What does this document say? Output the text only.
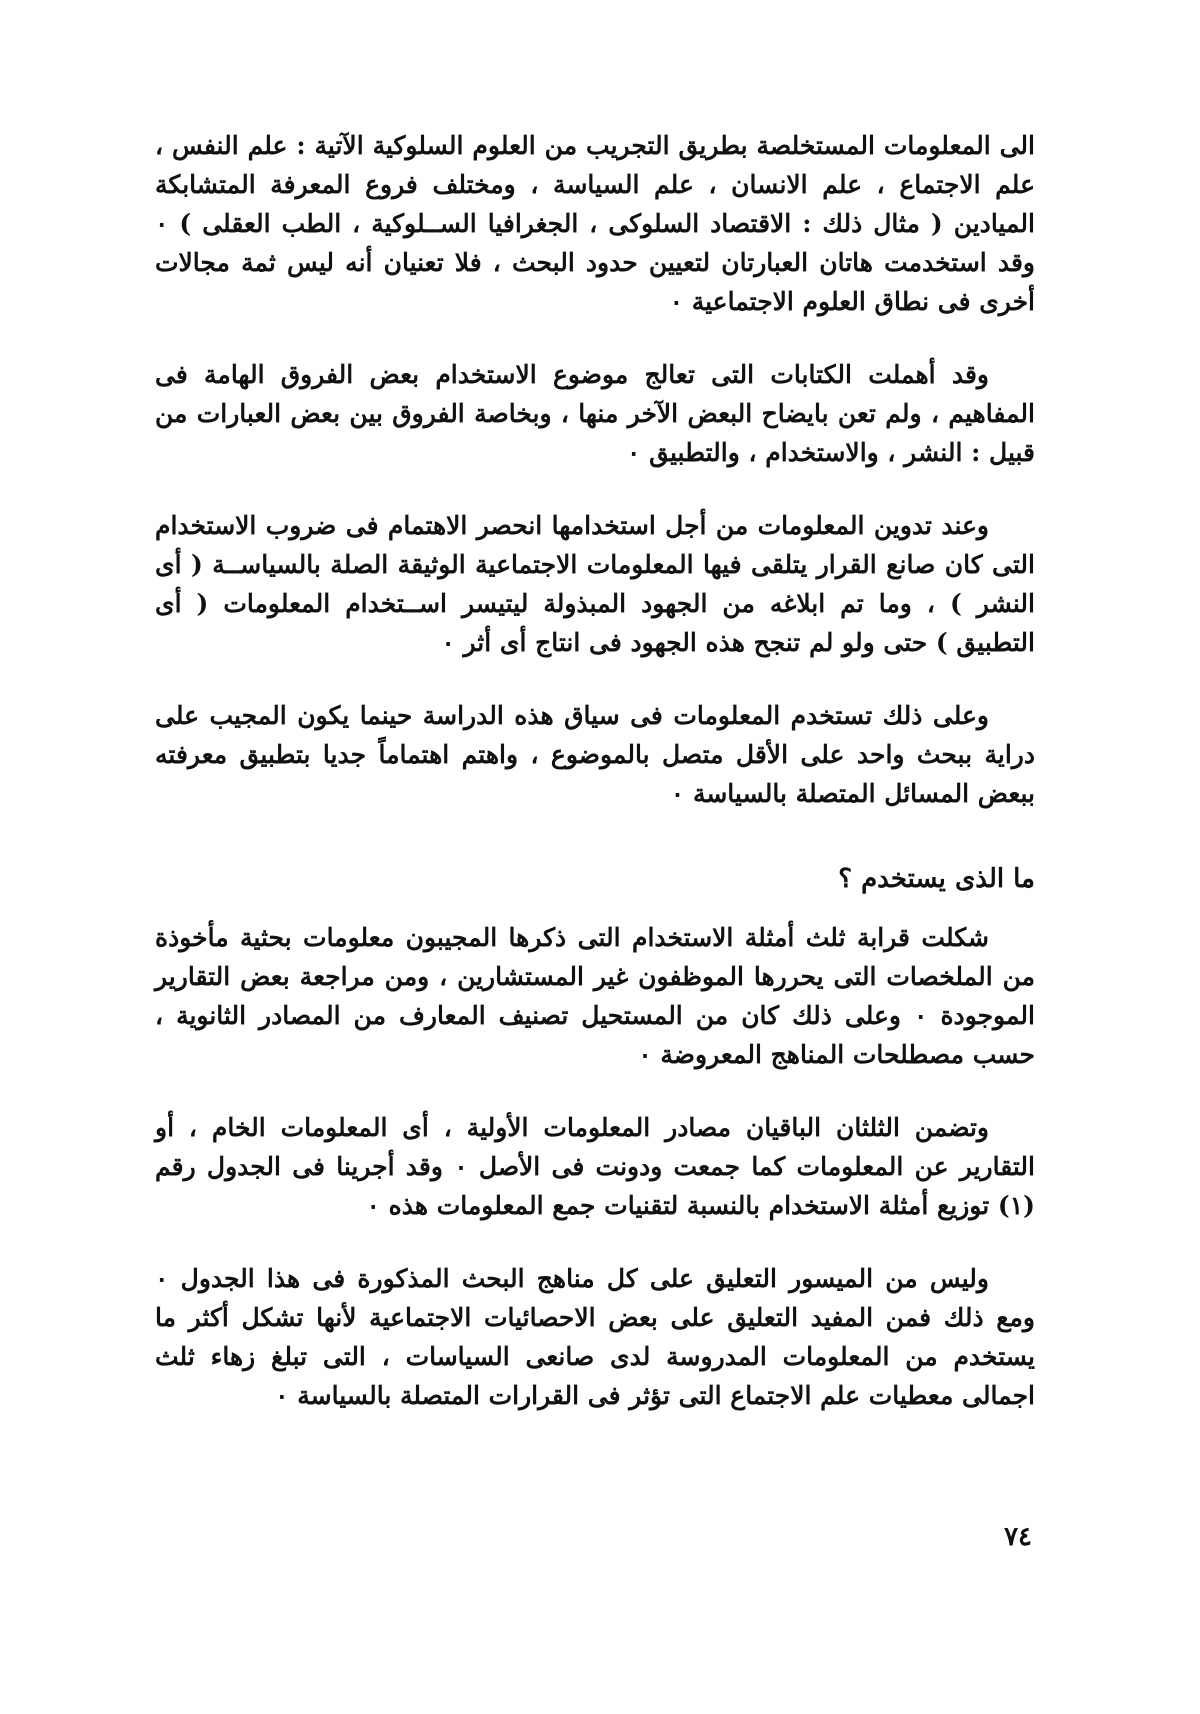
الى المعلومات المستخلصة بطريق التجريب من العلوم السلوكية الآتية : علم النفس ، علم الاجتماع ، علم الانسان ، علم السياسة ، ومختلف فروع المعرفة المتشابكة الميادين ( مثال ذلك : الاقتصاد السلوكى ، الجغرافيا الســلوكية ، الطب العقلى ) ٠ وقد استخدمت هاتان العبارتان لتعيين حدود البحث ، فلا تعنيان أنه ليس ثمة مجالات أخرى فى نطاق العلوم الاجتماعية ٠

وقد أهملت الكتابات التى تعالج موضوع الاستخدام بعض الفروق الهامة فى المفاهيم ، ولم تعن بايضاح البعض الآخر منها ، وبخاصة الفروق بين بعض العبارات من قبيل : النشر ، والاستخدام ، والتطبيق ٠

وعند تدوين المعلومات من أجل استخدامها انحصر الاهتمام فى ضروب الاستخدام التى كان صانع القرار يتلقى فيها المعلومات الاجتماعية الوثيقة الصلة بالسياســة ( أى النشر ) ، وما تم ابلاغه من الجهود المبذولة ليتيسر اســتخدام المعلومات ( أى التطبيق ) حتى ولو لم تنجح هذه الجهود فى انتاج أى أثر ٠

وعلى ذلك تستخدم المعلومات فى سياق هذه الدراسة حينما يكون المجيب على دراية ببحث واحد على الأقل متصل بالموضوع ، واهتم اهتماماً جديا بتطبيق معرفته ببعض المسائل المتصلة بالسياسة ٠

ما الذى يستخدم ؟

شكلت قرابة ثلث أمثلة الاستخدام التى ذكرها المجيبون معلومات بحثية مأخوذة من الملخصات التى يحررها الموظفون غير المستشارين ، ومن مراجعة بعض التقارير الموجودة ٠ وعلى ذلك كان من المستحيل تصنيف المعارف من المصادر الثانوية ، حسب مصطلحات المناهج المعروضة ٠

وتضمن الثلثان الباقيان مصادر المعلومات الأولية ، أى المعلومات الخام ، أو التقارير عن المعلومات كما جمعت ودونت فى الأصل ٠ وقد أجرينا فى الجدول رقم (١) توزيع أمثلة الاستخدام بالنسبة لتقنيات جمع المعلومات هذه ٠

وليس من الميسور التعليق على كل مناهج البحث المذكورة فى هذا الجدول ٠ ومع ذلك فمن المفيد التعليق على بعض الاحصائيات الاجتماعية لأنها تشكل أكثر ما يستخدم من المعلومات المدروسة لدى صانعى السياسات ، التى تبلغ زهاء ثلث اجمالى معطيات علم الاجتماع التى تؤثر فى القرارات المتصلة بالسياسة ٠

٧٤
